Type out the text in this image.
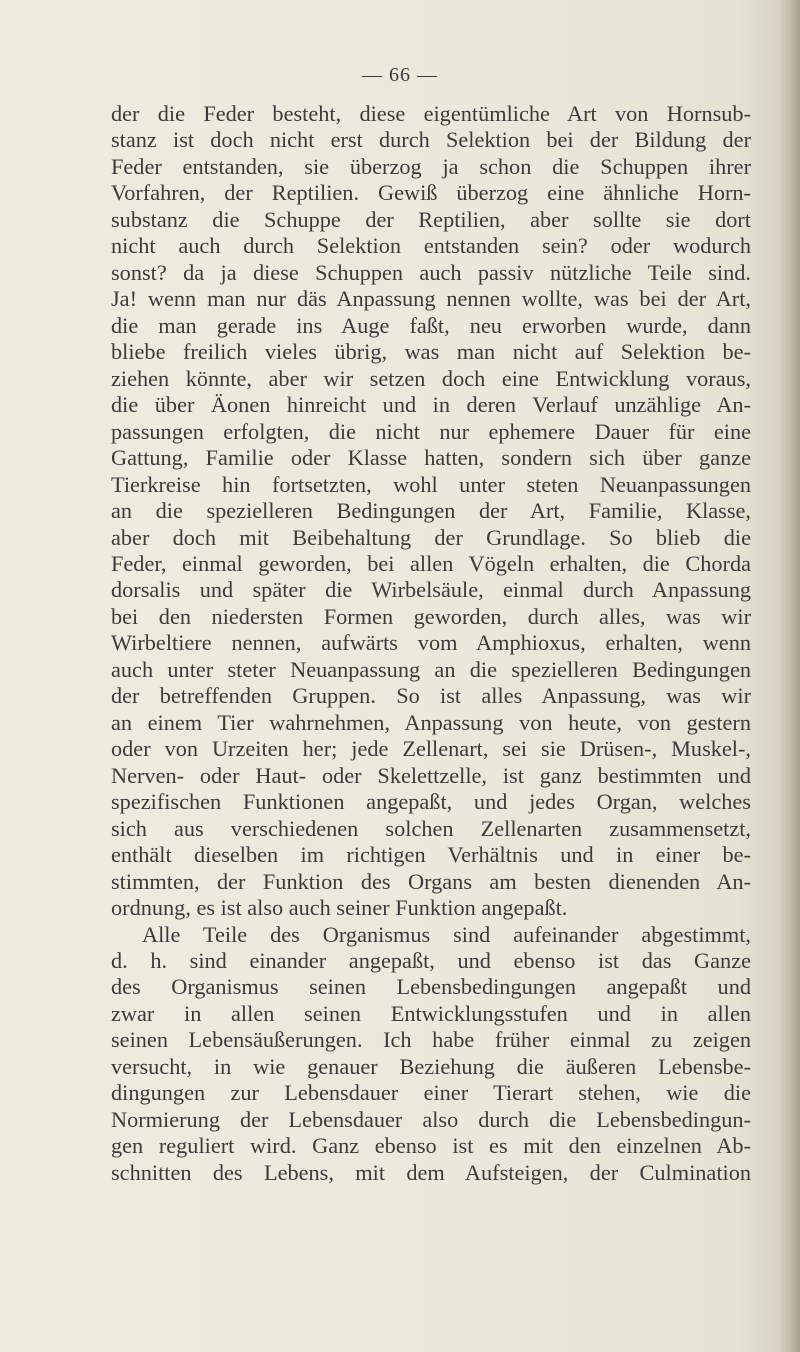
— 66 —
der die Feder besteht, diese eigentümliche Art von Hornsub-
stanz ist doch nicht erst durch Selektion bei der Bildung der
Feder entstanden, sie überzog ja schon die Schuppen ihrer
Vorfahren, der Reptilien. Gewiß überzog eine ähnliche Horn-
substanz die Schuppe der Reptilien, aber sollte sie dort
nicht auch durch Selektion entstanden sein? oder wodurch
sonst? da ja diese Schuppen auch passiv nützliche Teile sind.
Ja! wenn man nur däs Anpassung nennen wollte, was bei der Art,
die man gerade ins Auge faßt, neu erworben wurde, dann
bliebe freilich vieles übrig, was man nicht auf Selektion be-
ziehen könnte, aber wir setzen doch eine Entwicklung voraus,
die über Äonen hinreicht und in deren Verlauf unzählige An-
passungen erfolgten, die nicht nur ephemere Dauer für eine
Gattung, Familie oder Klasse hatten, sondern sich über ganze
Tierkreise hin fortsetzten, wohl unter steten Neuanpassungen
an die spezielleren Bedingungen der Art, Familie, Klasse,
aber doch mit Beibehaltung der Grundlage. So blieb die
Feder, einmal geworden, bei allen Vögeln erhalten, die Chorda
dorsalis und später die Wirbelsäule, einmal durch Anpassung
bei den niedersten Formen geworden, durch alles, was wir
Wirbeltiere nennen, aufwärts vom Amphioxus, erhalten, wenn
auch unter steter Neuanpassung an die spezielleren Bedingungen
der betreffenden Gruppen. So ist alles Anpassung, was wir
an einem Tier wahrnehmen, Anpassung von heute, von gestern
oder von Urzeiten her; jede Zellenart, sei sie Drüsen-, Muskel-,
Nerven- oder Haut- oder Skelettzelle, ist ganz bestimmten und
spezifischen Funktionen angepaßt, und jedes Organ, welches
sich aus verschiedenen solchen Zellenarten zusammensetzt,
enthält dieselben im richtigen Verhältnis und in einer be-
stimmten, der Funktion des Organs am besten dienenden An-
ordnung, es ist also auch seiner Funktion angepaßt.
Alle Teile des Organismus sind aufeinander abgestimmt,
d. h. sind einander angepaßt, und ebenso ist das Ganze
des Organismus seinen Lebensbedingungen angepaßt und
zwar in allen seinen Entwicklungsstufen und in allen
seinen Lebensäußerungen. Ich habe früher einmal zu zeigen
versucht, in wie genauer Beziehung die äußeren Lebensbe-
dingungen zur Lebensdauer einer Tierart stehen, wie die
Normierung der Lebensdauer also durch die Lebensbedingun-
gen reguliert wird. Ganz ebenso ist es mit den einzelnen Ab-
schnitten des Lebens, mit dem Aufsteigen, der Culmination
